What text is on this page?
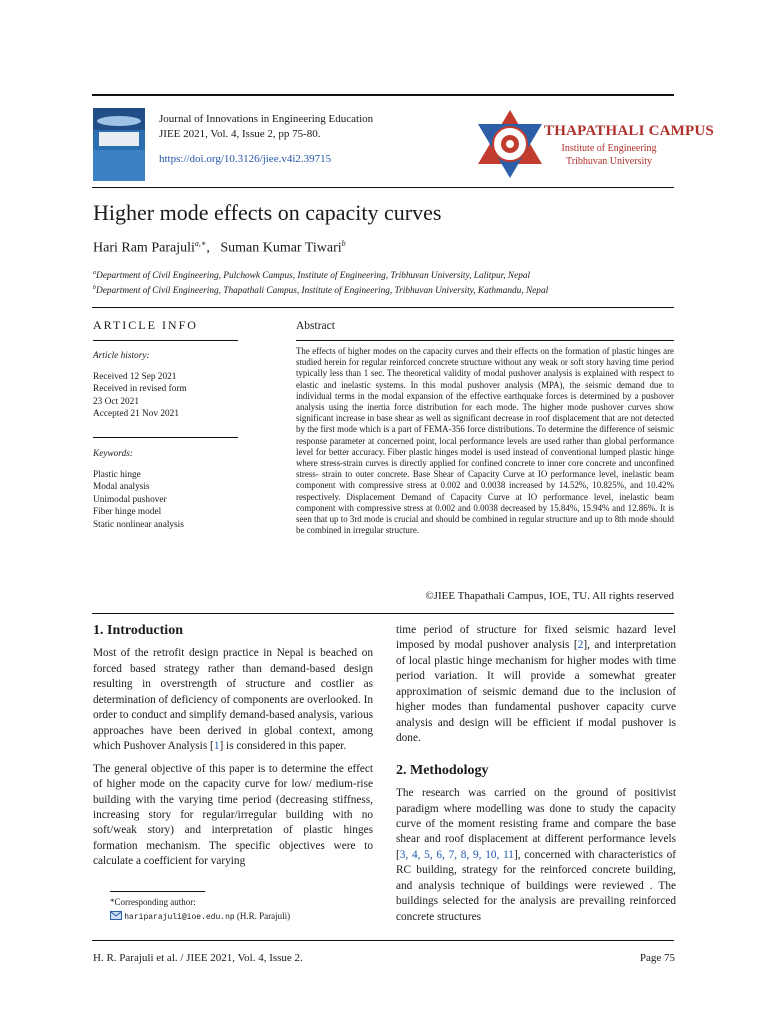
Journal of Innovations in Engineering Education
JIEE 2021, Vol. 4, Issue 2, pp 75-80.
https://doi.org/10.3126/jiee.v4i2.39715
THAPATHALI CAMPUS
Institute of Engineering
Tribhuvan University
Higher mode effects on capacity curves
Hari Ram Parajuli$^{a,∗}$,   Suman Kumar Tiwari$^b$
$^a$Department of Civil Engineering, Pulchowk Campus, Institute of Engineering, Tribhuvan University, Lalitpur, Nepal
$^b$Department of Civil Engineering, Thapathali Campus, Institute of Engineering, Tribhuvan University, Kathmandu, Nepal
ARTICLE INFO
Article history:
Received 12 Sep 2021
Received in revised form
23 Oct 2021
Accepted 21 Nov 2021
Keywords:
Plastic hinge
Modal analysis
Unimodal pushover
Fiber hinge model
Static nonlinear analysis
Abstract
The effects of higher modes on the capacity curves and their effects on the formation of plastic hinges are studied herein for regular reinforced concrete structure without any weak or soft story having time period typically less than 1 sec. The theoretical validity of modal pushover analysis is explained with respect to elastic and inelastic systems. In this modal pushover analysis (MPA), the seismic demand due to individual terms in the modal expansion of the effective earthquake forces is determined by a pushover analysis using the inertia force distribution for each mode. The higher mode pushover curves show significant increase in base shear as well as significant decrease in roof displacement that are not detected by the first mode which is a part of FEMA-356 force distributions. To determine the difference of seismic response parameter at concerned point, local performance levels are used rather than global performance level for better accuracy. Fiber plastic hinges model is used instead of conventional lumped plastic hinge where stress-strain curves is directly applied for confined concrete to inner core concrete and unconfined stress- strain to outer concrete. Base Shear of Capacity Curve at IO performance level, inelastic beam component with compressive stress at 0.002 and 0.0038 increased by 14.52%, 10.825%, and 10.42% respectively. Displacement Demand of Capacity Curve at IO performance level, inelastic beam component with compressive stress at 0.002 and 0.0038 decreased by 15.84%, 15.94% and 12.86%. It is seen that up to 3rd mode is crucial and should be combined in regular structure and up to 8th mode should be combined in irregular structure.
©JIEE Thapathali Campus, IOE, TU. All rights reserved
1. Introduction

Most of the retrofit design practice in Nepal is beached on forced based strategy rather than demand-based design resulting in overstrength of structure and costlier as determination of deficiency of components are overlooked. In order to conduct and simplify demand-based analysis, various approaches have been derived in global context, among which Pushover Analysis [1] is considered in this paper.

The general objective of this paper is to determine the effect of higher mode on the capacity curve for low/ medium-rise building with the varying time period (decreasing stiffness, increasing story for regular/irregular building with no soft/weak story) and interpretation of plastic hinges formation mechanism. The specific objectives were to calculate a coefficient for varying

*Corresponding author:
hariparajuli@ioe.edu.np (H.R. Parajuli)

time period of structure for fixed seismic hazard level imposed by modal pushover analysis [2], and interpretation of local plastic hinge mechanism for higher modes with time period variation. It will provide a somewhat greater approximation of seismic demand due to the inclusion of higher modes than fundamental pushover capacity curve analysis and design will be efficient if modal pushover is done.

2. Methodology

The research was carried on the ground of positivist paradigm where modelling was done to study the capacity curve of the moment resisting frame and compare the base shear and roof displacement at different performance levels [3, 4, 5, 6, 7, 8, 9, 10, 11], concerned with characteristics of RC building, strategy for the reinforced concrete building, and analysis technique of buildings were reviewed . The buildings selected for the analysis are prevailing reinforced concrete structures

H. R. Parajuli et al. / JIEE 2021, Vol. 4, Issue 2.	Page 75
